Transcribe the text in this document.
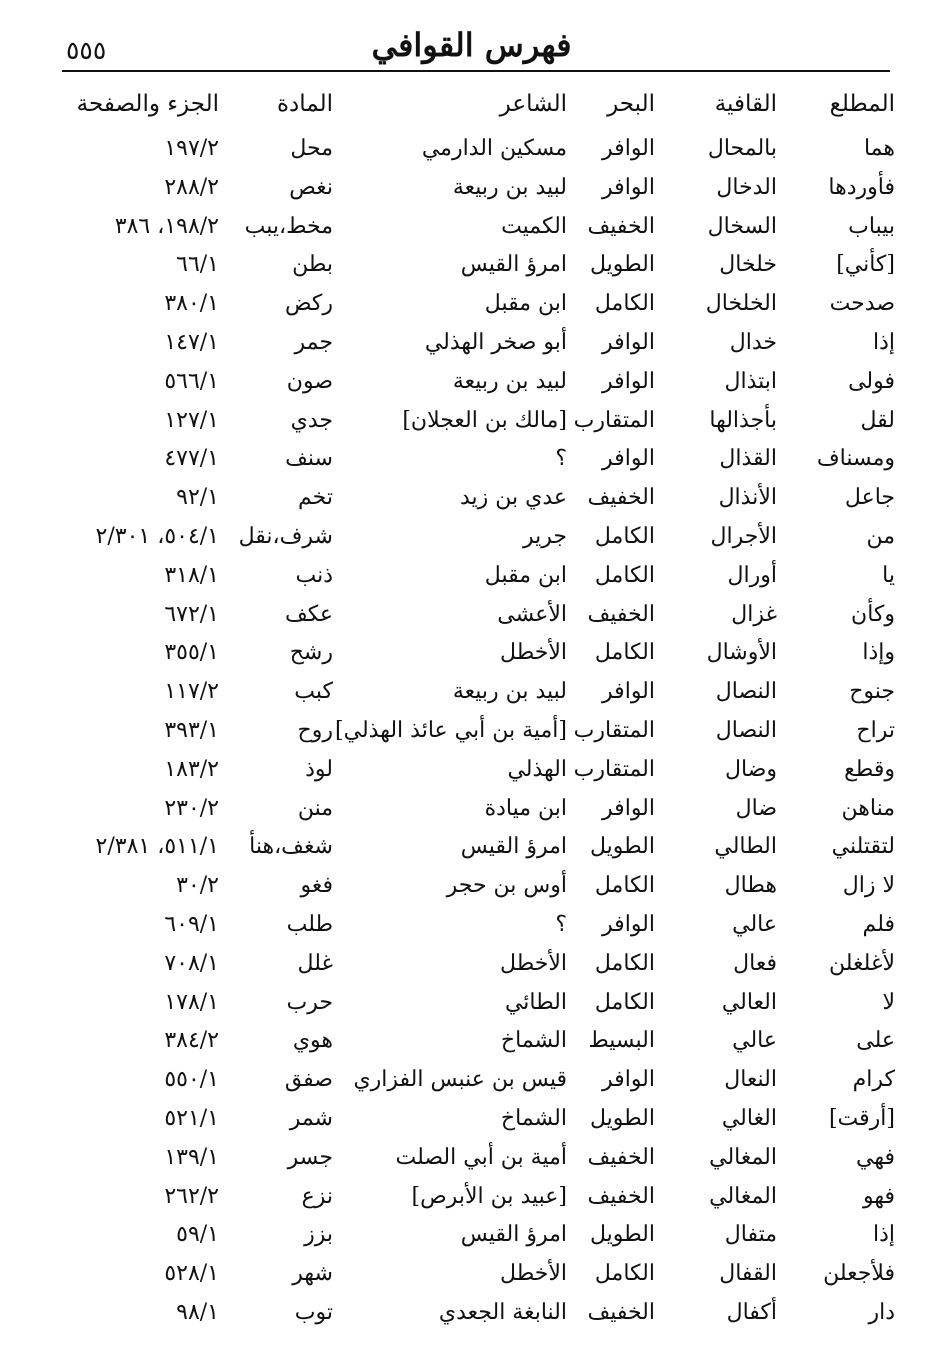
٥٥٥	فهرس القوافي
المطلع
القافية
البحر
الشاعر
المادة
الجزء والصفحة
هما
بالمحال
الوافر
مسكين الدارمي
محل
١٩٧/٢
فأوردها
الدخال
الوافر
لبيد بن ربيعة
نغص
٢٨٨/٢
بيباب
السخال
الخفيف
الكميت
مخط،يبب
١٩٨/٢، ٣٨٦
[كأني]
خلخال
الطويل
امرؤ القيس
بطن
٦٦/١
صدحت
الخلخال
الكامل
ابن مقبل
ركض
٣٨٠/١
إذا
خدال
الوافر
أبو صخر الهذلي
جمر
١٤٧/١
فولى
ابتذال
الوافر
لبيد بن ربيعة
صون
٥٦٦/١
لقل
بأجذالها
المتقارب
[مالك بن العجلان]
جدي
١٢٧/١
ومسناف
القذال
الوافر
؟
سنف
٤٧٧/١
جاعل
الأنذال
الخفيف
عدي بن زيد
تخم
٩٢/١
من
الأجرال
الكامل
جرير
شرف،نقل
٥٠٤/١، ٢/٣٠١
يا
أورال
الكامل
ابن مقبل
ذنب
٣١٨/١
وكأن
غزال
الخفيف
الأعشى
عكف
٦٧٢/١
وإذا
الأوشال
الكامل
الأخطل
رشح
٣٥٥/١
جنوح
النصال
الوافر
لبيد بن ربيعة
كبب
١١٧/٢
تراح
النصال
المتقارب
[أمية بن أبي عائذ الهذلي]
روح
٣٩٣/١
وقطع
وضال
المتقارب
الهذلي
لوذ
١٨٣/٢
مناهن
ضال
الوافر
ابن ميادة
منن
٢٣٠/٢
لتقتلني
الطالي
الطويل
امرؤ القيس
شغف،هنأ
٥١١/١، ٢/٣٨١
لا زال
هطال
الكامل
أوس بن حجر
فغو
٣٠/٢
فلم
عالي
الوافر
؟
طلب
٦٠٩/١
لأغلغلن
فعال
الكامل
الأخطل
غلل
٧٠٨/١
لا
العالي
الكامل
الطائي
حرب
١٧٨/١
على
عالي
البسيط
الشماخ
هوي
٣٨٤/٢
كرام
النعال
الوافر
قيس بن عنبس الفزاري
صفق
٥٥٠/١
[أرقت]
الغالي
الطويل
الشماخ
شمر
٥٢١/١
فهي
المغالي
الخفيف
أمية بن أبي الصلت
جسر
١٣٩/١
فهو
المغالي
الخفيف
[عبيد بن الأبرص]
نزع
٢٦٢/٢
إذا
متفال
الطويل
امرؤ القيس
بزز
٥٩/١
فلأجعلن
القفال
الكامل
الأخطل
شهر
٥٢٨/١
دار
أكفال
الخفيف
النابغة الجعدي
توب
٩٨/١
